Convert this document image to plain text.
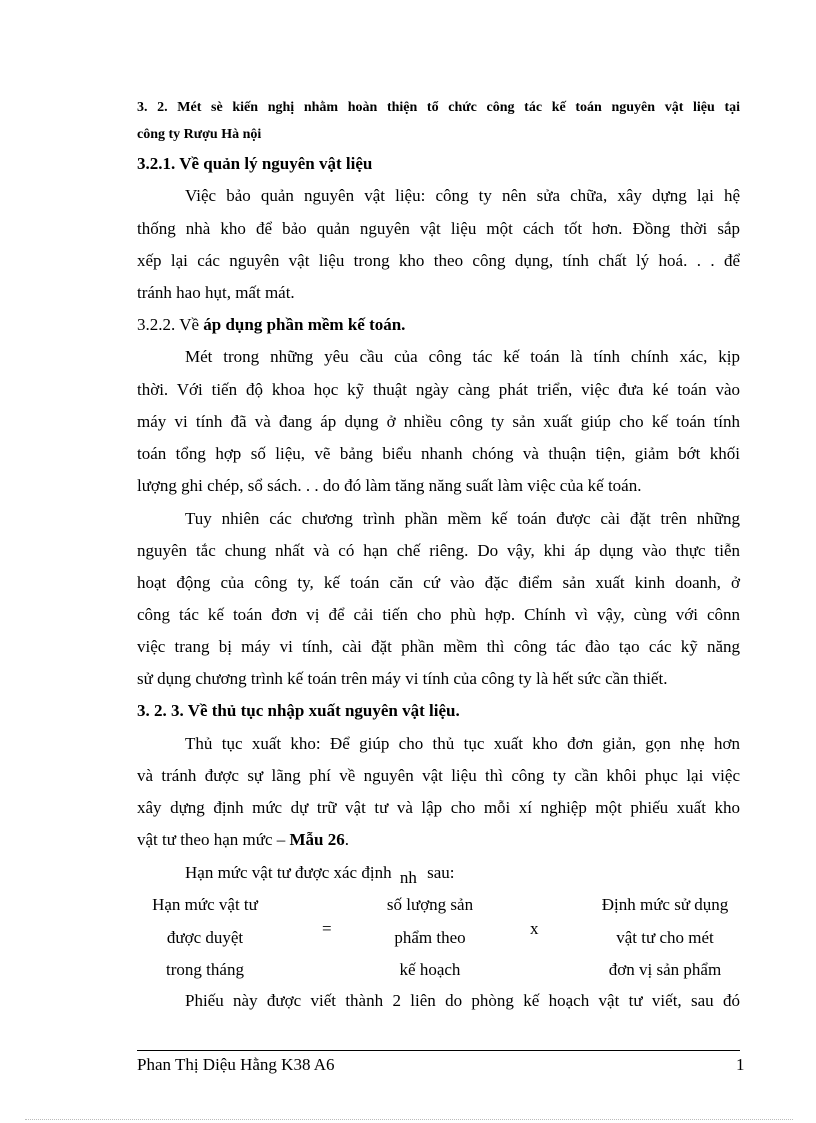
3. 2. Mét sè kiến nghị nhằm hoàn thiện tổ chức công tác kế toán nguyên vật liệu tại
công ty Rượu Hà nội
3.2.1. Về quản lý nguyên vật liệu
Việc bảo quản nguyên vật liệu: công ty nên sửa chữa, xây dựng lại hệ
thống nhà kho để bảo quản nguyên vật liệu một cách tốt hơn. Đồng thời sắp
xếp lại các nguyên vật liệu trong kho theo công dụng, tính chất lý hoá. . . để
tránh hao hụt, mất mát.
3.2.2. Về áp dụng phần mềm kế toán.
Mét trong những yêu cầu của công tác kế toán là tính chính xác, kịp
thời. Với tiến độ khoa học kỹ thuật ngày càng phát triển, việc đưa ké toán vào
máy vi tính đã và đang áp dụng ở nhiều công ty sản xuất giúp cho kế toán tính
toán tổng hợp số liệu, vẽ bảng biểu nhanh chóng và thuận tiện, giảm bớt khối
lượng ghi chép, sổ sách. . . do đó làm tăng năng suất làm việc của kế toán.
Tuy nhiên các chương trình phần mềm kế toán được cài đặt trên những
nguyên tắc chung nhất và có hạn chế riêng. Do vậy, khi áp dụng vào thực tiễn
hoạt động của công ty, kế toán căn cứ vào đặc điểm sản xuất kinh doanh, ở
công tác kế toán đơn vị để cải tiến cho phù hợp. Chính vì vậy, cùng với cônn
việc trang bị máy vi tính, cài đặt phần mềm thì công tác đào tạo các kỹ năng
sử dụng chương trình kế toán trên máy vi tính của công ty là hết sức cần thiết.
3. 2. 3. Về thủ tục nhập xuất nguyên vật liệu.
Thủ tục xuất kho: Để giúp cho thủ tục xuất kho đơn giản, gọn nhẹ hơn
và tránh được sự lãng phí về nguyên vật liệu thì công ty cần khôi phục lại việc
xây dựng định mức dự trữ vật tư và lập cho mỗi xí nghiệp một phiếu xuất kho
vật tư theo hạn mức – Mẫu 26.
Hạn mức vật tư được xác định nh sau:
Hạn mức vật tư
được duyệt
trong tháng
=
số lượng sản
phẩm theo
kế hoạch
x
Định mức sử dụng
vật tư cho mét
đơn vị sản phẩm
Phiếu này được viết thành 2 liên do phòng kế hoạch vật tư viết, sau đó
Phan Thị Diệu Hằng K38 A6	1
